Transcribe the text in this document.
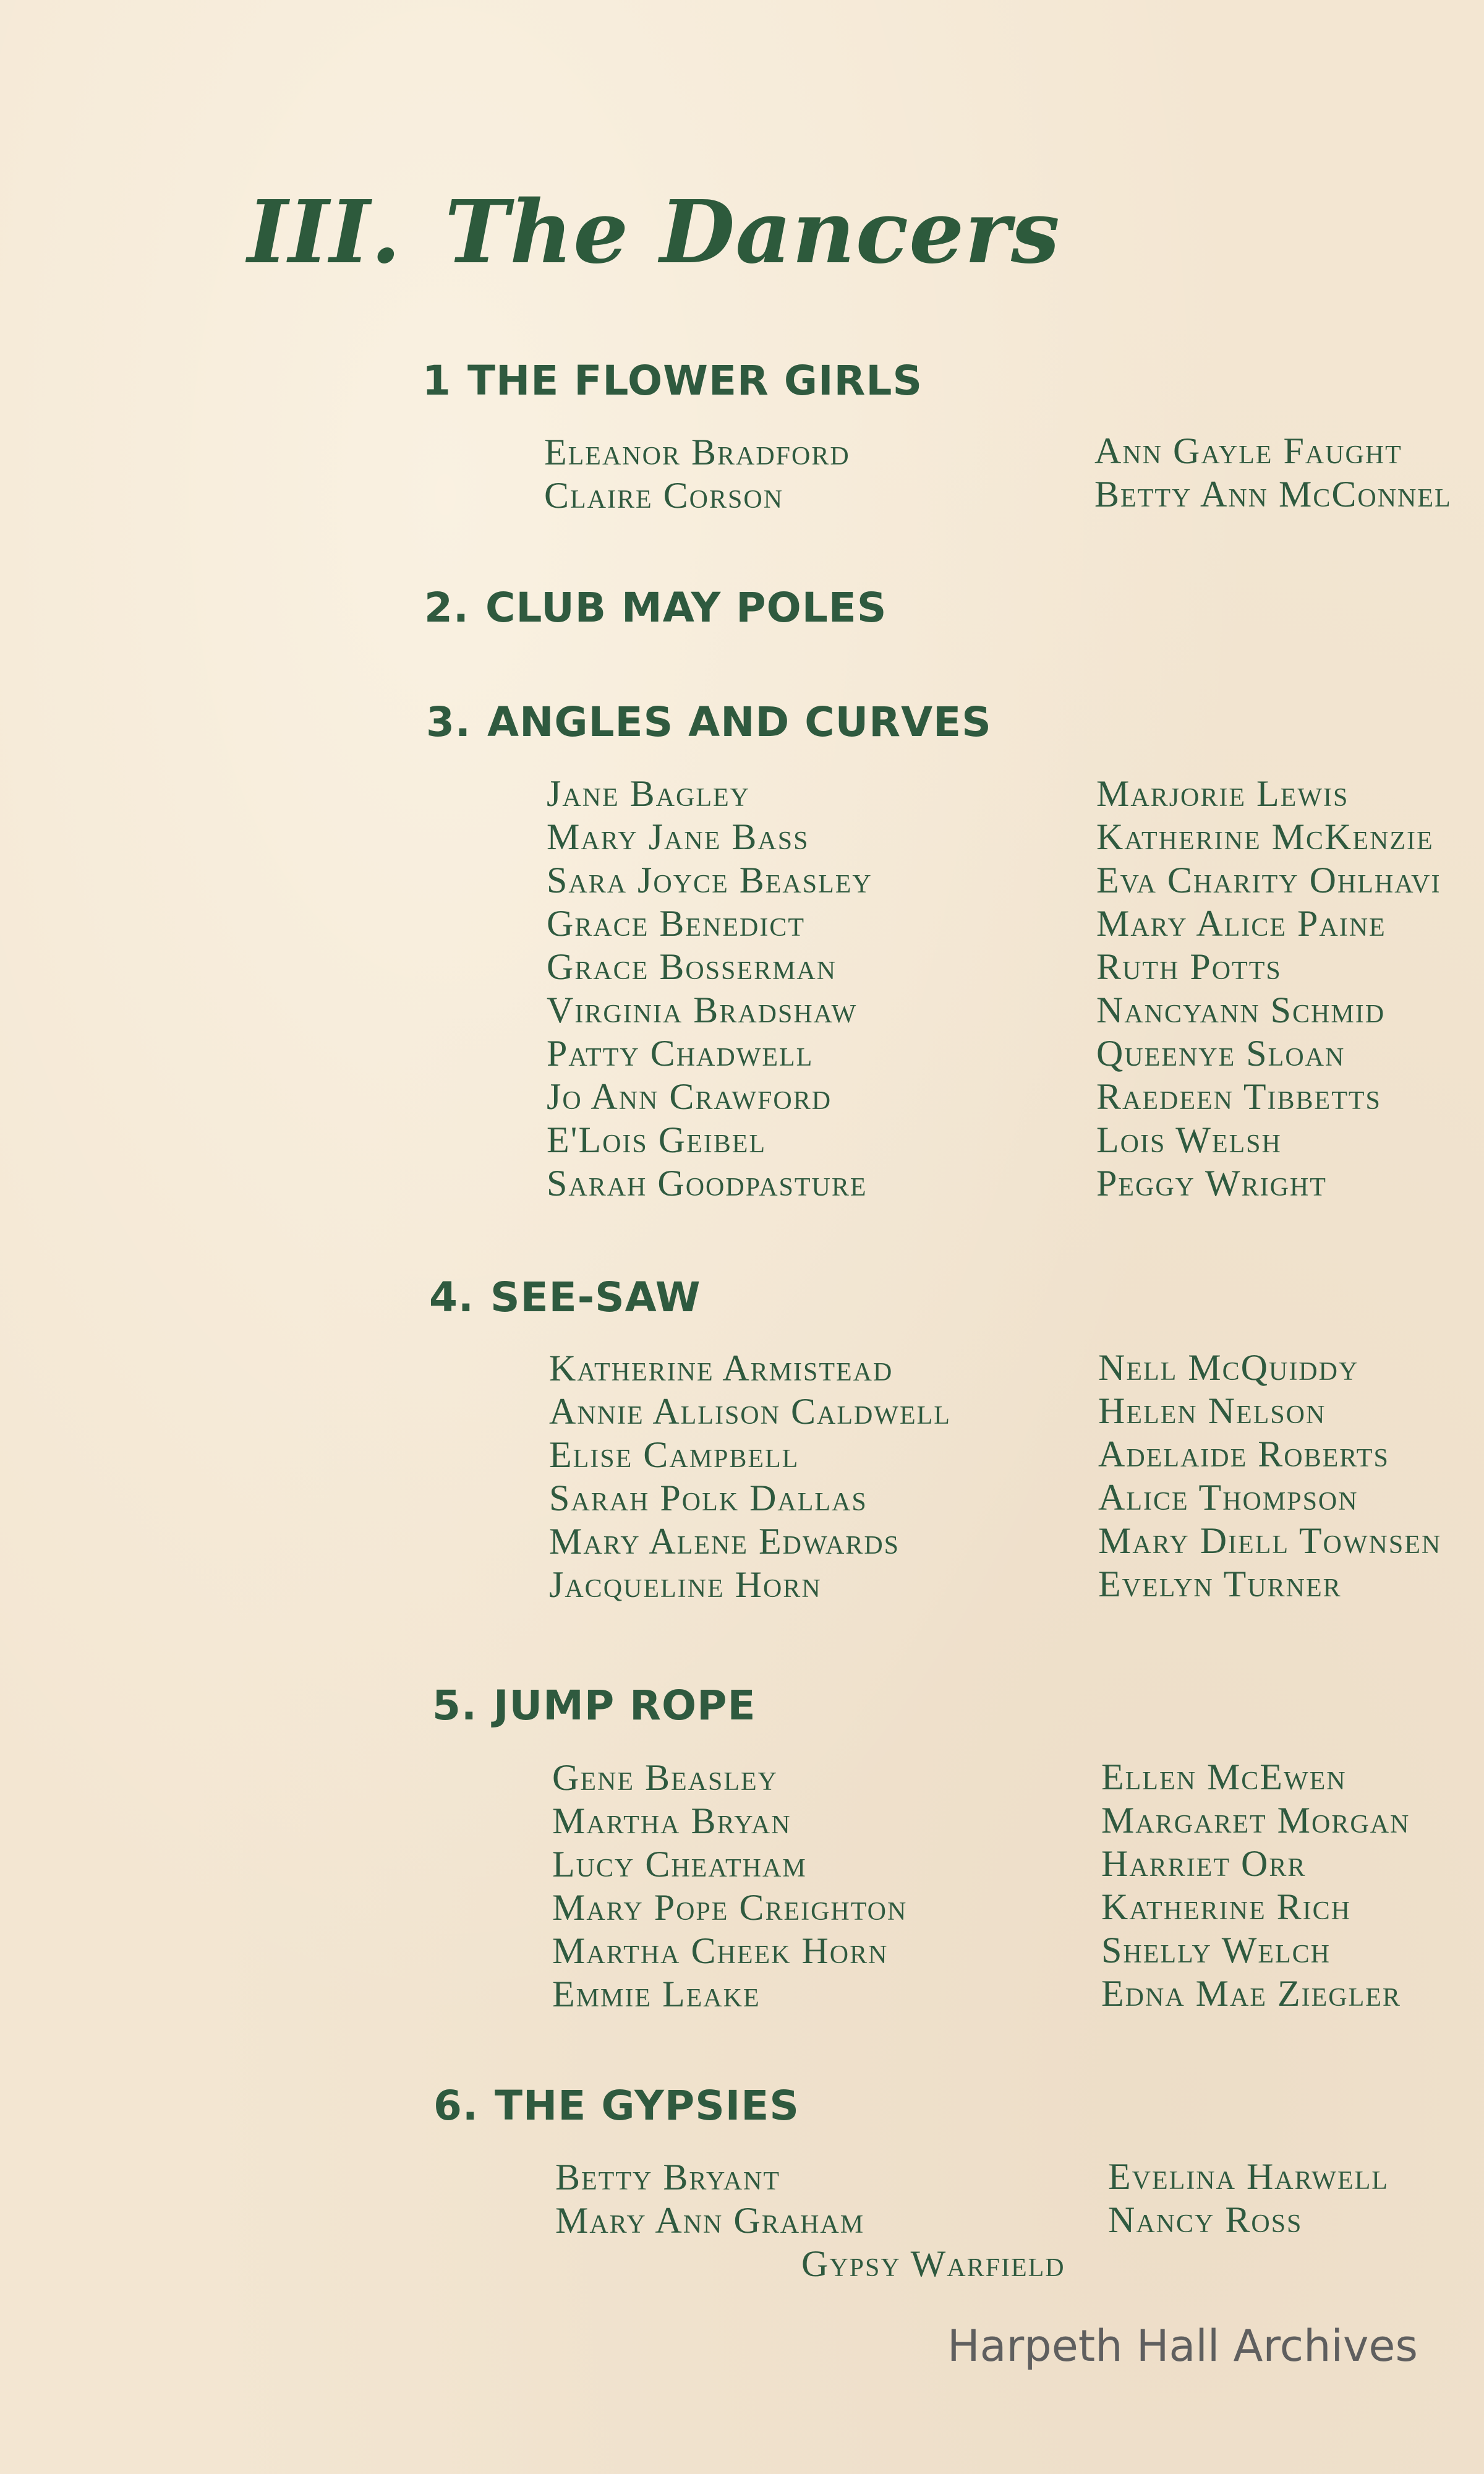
III. The Dancers
1 THE FLOWER GIRLS
Eleanor Bradford
Claire Corson
Ann Gayle Faught
Betty Ann McConnel
2. CLUB MAY POLES
3. ANGLES AND CURVES
Jane Bagley
Mary Jane Bass
Sara Joyce Beasley
Grace Benedict
Grace Bosserman
Virginia Bradshaw
Patty Chadwell
Jo Ann Crawford
E'Lois Geibel
Sarah Goodpasture
Marjorie Lewis
Katherine McKenzie
Eva Charity Ohlhavi
Mary Alice Paine
Ruth Potts
Nancyann Schmid
Queenye Sloan
Raedeen Tibbetts
Lois Welsh
Peggy Wright
4. SEE-SAW
Katherine Armistead
Annie Allison Caldwell
Elise Campbell
Sarah Polk Dallas
Mary Alene Edwards
Jacqueline Horn
Nell McQuiddy
Helen Nelson
Adelaide Roberts
Alice Thompson
Mary Diell Townsen
Evelyn Turner
5. JUMP ROPE
Gene Beasley
Martha Bryan
Lucy Cheatham
Mary Pope Creighton
Martha Cheek Horn
Emmie Leake
Ellen McEwen
Margaret Morgan
Harriet Orr
Katherine Rich
Shelly Welch
Edna Mae Ziegler
6. THE GYPSIES
Betty Bryant
Mary Ann Graham
Evelina Harwell
Nancy Ross

Gypsy Warfield

Harpeth Hall Archives
